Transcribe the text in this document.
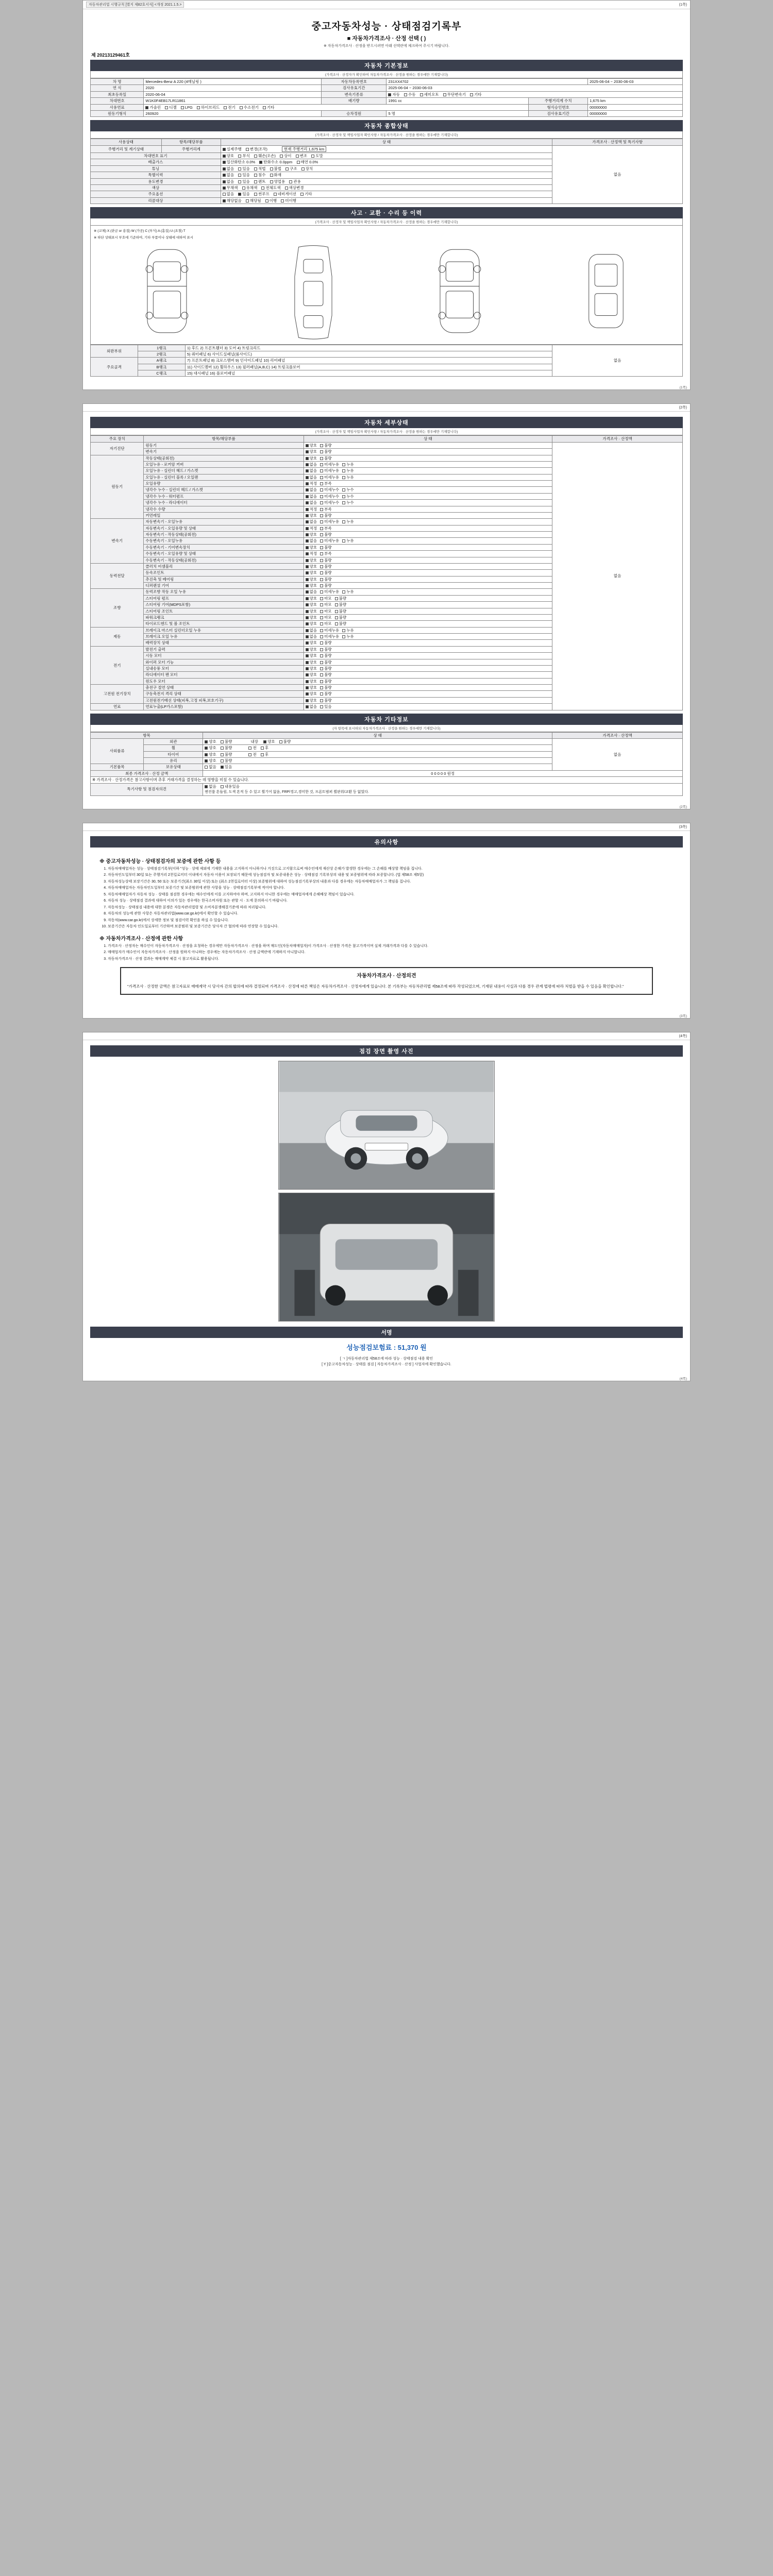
자동차관리법 시행규칙 [별지 제82호서식] <개정 2021.1.5.>	(1쪽)
중고자동차성능 · 상태점검기록부
■ 자동차가격조사 · 산정 선택 ( )
※ 자동차가격조사 · 산정을 받으시려면 아래 선택란에 체크하여 주시기 바랍니다.
제 20213129461호
자동차 기본정보
(가격조사 · 산정자가 확인하여 자동차가격조사 · 산정을 원하는 경우에만 기재합니다)
차 명	Mercedes-Benz A 220 (4매닐링 )	자동차등록번호	231XX4702		2025-06-04 ~ 2030-06-03
연 식	2020	검사유효기간	2025-06-04 ~ 2030-06-03		
최초등록일	2020-06-04	변속기종류	자동 수동 세미오토 무단변속기 기타		
차대번호	W1K0F4EB17LR11861	배기량	1991 cc	주행거리계 수치	1,675 km
사용연료	가솔린 디젤 LPG 하이브리드 전기 수소전기 기타			형식승인번호	00000000
원동기형식	260920	승차정원	5 명	검사유효기간	00000000
자동차 종합상태
(가격조사 · 산정자 및 책임사업자 확인사항 / 자동차가격조사 · 산정을 원하는 경우에만 기재합니다)
사용상태	항목/해당부품	상 태	가격조사 · 산정액 및 특기사항
주행거리 및 계기상태	주행거리계	실제주행 변경(조작) 현재 주행거리 1,675 km	없음
차대번호 표기		양호 부식 훼손(오손) 상이 변조 도말	
배출가스		일산화탄소 0.0% 탄화수소 0.0ppm 매연 0.0%	
튜닝		없음 있음 적법 불법 구조 장치	
특별이력		없음 있음 침수 화재	
용도변경		없음 있음 렌트 영업용 관용	
색상		무채색 유채색 전체도색 색상변경	
주요옵션		없음 있음 썬루프 네비게이션 기타	
리콜대상		해당없음 해당됨 이행 미이행	
사고 · 교환 · 수리 등 이력
(가격조사 · 산정자 및 책임사업자 확인사항 / 자동차가격조사 · 산정을 원하는 경우에만 기재합니다)
※ (교체) X (판금 or 용접) W (가공) C (부식) A (흠집) U (요철) T
※ 하단 상태표시 부호에 기준하여, 기타 부품이나 상태에 대하여 표시
외판부위	1랭크	1) 후드 2) 프론트휀더 3) 도어 4) 트렁크리드	없음
	2랭크	5) 쿼터패널 6) 사이드실패널(룸사이드)	
주요골격	A랭크	7) 프론트패널 8) 크로스멤버 9) 인사이드패널 10) 리어패널	
	B랭크	11) 사이드멤버 12) 휠하우스 13) 필러패널(A,B,C) 14) 트렁크플로어	
	C랭크	15) 대시패널 16) 플로어패널	
(1쪽)
(2쪽)
자동차 세부상태
(가격조사 · 산정자 및 책임사업자 확인사항 / 자동차가격조사 · 산정을 원하는 경우에만 기재합니다)
주요 장치	항목/해당부품	상 태	가격조사 · 산정액
자기진단	원동기	양호 불량	없음
	변속기	양호 불량	
원동기	작동상태(공회전)	양호 불량	
	오일누유 - 로커암 커버	없음 미세누유 누유	
	오일누유 - 실린더 헤드 / 가스켓	없음 미세누유 누유	
	오일누유 - 실린더 블록 / 오일팬	없음 미세누유 누유	
	오일유량	적정 부족	
	냉각수 누수 - 실린더 헤드 / 가스켓	없음 미세누수 누수	
	냉각수 누수 - 워터펌프	없음 미세누수 누수	
	냉각수 누수 - 라디에이터	없음 미세누수 누수	
	냉각수 수량	적정 부족	
	커먼레일	양호 불량	
변속기	자동변속기 - 오일누유	없음 미세누유 누유	
	자동변속기 - 오일유량 및 상태	적정 부족	
	자동변속기 - 작동상태(공회전)	양호 불량	
	수동변속기 - 오일누유	없음 미세누유 누유	
	수동변속기 - 기어변속장치	양호 불량	
	수동변속기 - 오일유량 및 상태	적정 부족	
	수동변속기 - 작동상태(공회전)	양호 불량	
동력전달	클러치 어셈블리	양호 불량	
	등속조인트	양호 불량	
	추진축 및 베어링	양호 불량	
	디퍼렌셜 기어	양호 불량	
조향	동력조향 작동 오일 누유	없음 미세누유 누유	
	스티어링 펌프	양호 마모 불량	
	스티어링 기어(MDPS포함)	양호 마모 불량	
	스티어링 조인트	양호 마모 불량	
	파워크랭크	양호 마모 불량	
	타이로드엔드 및 볼 조인트	양호 마모 불량	
제동	브레이크 마스터 실린더오일 누유	없음 미세누유 누유	
	브레이크 오일 누유	없음 미세누유 누유	
	배력장치 상태	양호 불량	
전기	발전기 출력	양호 불량	
	시동 모터	양호 불량	
	와이퍼 모터 기능	양호 불량	
	실내송풍 모터	양호 불량	
	라디에이터 팬 모터	양호 불량	
	윈도우 모터	양호 불량	
고전원 전기장치	충전구 절연 상태	양호 불량	
	구동축전지 격리 상태	양호 불량	
	고전원전기배선 상태(피복,고정 피복,보호기구)	양호 불량	
연료	연료누출(LP가스포함)	없음 있음	
자동차 기타정보
(자 항목에 표시하되 자동차가격조사 · 산정을 원하는 경우에만 기재합니다)
항목		상 태	가격조사 · 산정액
사외품류	외관	양호 불량 내장 양호 불량	없음
	휠	양호 불량 전 후	
	타이어	양호 불량 전 후	
	유리	양호 불량	
기본품목	보유상태	없음 있음	
최종 가격조사 · 산정 금액		0 0 0 0 0 원정	
※ 가격조사 · 산정가격은 참고사항이며 추후 거래가격을 결정하는 데 영향을 미칠 수 있습니다.			
특기사항 및 점검자의견		없음 내용있음
엔진룸 흔들림, 도색 흔적 등 수 있고 휠기어 없음, FRP/경고,경미한 것, 프론트범퍼 휠판위/교환 등 없었다.	
(2쪽)
(3쪽)
유의사항
※ 중고자동차성능 · 상태점검자의 보증에 관한 사항 등
1. 자동차매매업자는 성능 · 상태점검기록부(이하 "성능 · 상태 제외에 기재한 내용을 고지하지 아니하거나 거짓으로 고지함으로써 매수인에게 재산상 손해가 발생한 경우에는 그 손해를 배상할 책임을 집니다.
2. 자동차인도일부터 30일 또는 주행거리 2천킬로미터 이내에서 자동차 이용이 보장되기 때문에 성능점검자 및 보증내용은 성능 · 상태점검 기록부상의 내용 및 보증범위에 따라 보증합니다. (법 제58조 제5항)
3. 자동차성능상태 보장기간은 30, 50 또는 보증기간(최소 30일 이상) 또는 (최소 2천킬로미터 이상) 보증범위에 대하여 성능점검기록부상의 내용과 다를 경우에는 자동차매매업자가 그 책임을 집니다.
4. 자동차매매업자는 자동차인도일부터 보증기간 및 보증범위에 관한 사항을 성능 · 상태점검기록부에 적어야 합니다.
5. 자동차매매업자가 자동차 성능 · 상태를 점검한 경우에는 매수인에게 이를 고지하여야 하며, 고지하지 아니한 경우에는 매매업자에게 손해배상 책임이 있습니다.
6. 자동차 성능 · 상태점검 결과에 대하여 이의가 있는 경우에는 한국소비자원 또는 관할 시 · 도에 문의하시기 바랍니다.
7. 자동차성능 · 상태점검 내용에 대한 분쟁은 자동차관리법령 및 소비자분쟁해결기준에 따라 처리됩니다.
8. 자동차의 성능에 관한 사항은 자동차관리법(www.car.go.kr)에서 확인할 수 있습니다.
9. 자동차(www.car.go.kr)에서 상세한 정보 및 점검이력 확인을 하실 수 있습니다.
10. 보증기간은 자동차 인도일로부터 기산하며 보증범위 및 보증기간은 당사자 간 협의에 따라 연장할 수 있습니다.
※ 자동차가격조사 · 산정에 관한 사항
1. 가격조사 · 산정자는 매수인이 자동차가격조사 · 산정을 요청하는 경우에만 자동차가격조사 · 산정을 하며 매도인(자동차매매업자)이 가격조사 · 산정한 가격은 참고가격이며 실제 거래가격과 다를 수 있습니다.
2. 매매업자가 매수인이 자동차가격조사 · 산정을 원하지 아니하는 경우에는 자동차가격조사 · 산정 금액란에 기재하지 아니합니다.
3. 자동차가격조사 · 산정 결과는 매매계약 체결 시 참고자료로 활용됩니다.
자동차가격조사 · 산정의견
"가격조사 · 산정한 금액은 참고자료로 매매계약 시 당사자 간의 합의에 따라 결정되며 가격조사 · 산정에 따른 책임은 자동차가격조사 · 산정자에게 있습니다. 본 기록부는 자동차관리법 제58조에 따라 작성되었으며, 기재된 내용이 사실과 다를 경우 관계 법령에 따라 처벌을 받을 수 있음을 확인합니다."
(3쪽)
(4쪽)
점검 장면 촬영 사진
서명
성능점검보험료 : 51,370 원
[ ㄱ ]자동차관리법 제58조에 따라 성능 · 상태점검 내용 확인
[ Y ]중고자동차성능 · 상태를 점검 [ 자동차가격조사 · 산정 ] 사업자에 확인했습니다.
(4쪽)
